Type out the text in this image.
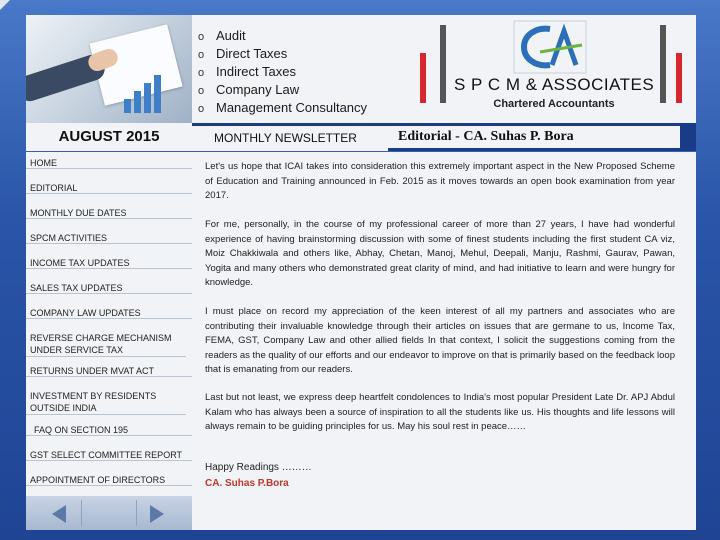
o Audit
o Direct Taxes
o Indirect Taxes
o Company Law
o Management Consultancy
CA
S P C M & ASSOCIATES
Chartered Accountants
AUGUST 2015	MONTHLY NEWSLETTER	Editorial - CA. Suhas P. Bora
HOME
EDITORIAL
MONTHLY DUE DATES
SPCM ACTIVITIES
INCOME TAX UPDATES
SALES TAX UPDATES
COMPANY LAW UPDATES
REVERSE CHARGE MECHANISM UNDER SERVICE TAX
RETURNS UNDER MVAT ACT
INVESTMENT BY RESIDENTS OUTSIDE INDIA
FAQ ON SECTION 195
GST SELECT COMMITTEE REPORT
APPOINTMENT OF DIRECTORS

Let's us hope that ICAI takes into consideration this extremely important aspect in the New Proposed Scheme of Education and Training announced in Feb. 2015 as it moves towards an open book examination from year 2017.

For me, personally, in the course of my professional career of more than 27 years, I have had wonderful experience of having brainstorming discussion with some of finest students including the first student CA viz, Moiz Chakkiwala and others like, Abhay, Chetan, Manoj, Mehul, Deepali, Manju, Rashmi, Gaurav, Pawan, Yogita and many others who demonstrated great clarity of mind, and had initiative to learn and were hungry for knowledge.

I must place on record my appreciation of the keen interest of all my partners and associates who are contributing their invaluable knowledge through their articles on issues that are germane to us, Income Tax, FEMA, GST, Company Law and other allied fields In that context, I solicit the suggestions coming from the readers as the quality of our efforts and our endeavor to improve on that is primarily based on the feedback loop that is emanating from our readers.

Last but not least, we express deep heartfelt condolences to India's most popular President Late Dr. APJ Abdul Kalam who has always been a source of inspiration to all the students like us. His thoughts and life lessons will always remain to be guiding principles for us. May his soul rest in peace……

Happy Readings ………
CA. Suhas P.Bora
